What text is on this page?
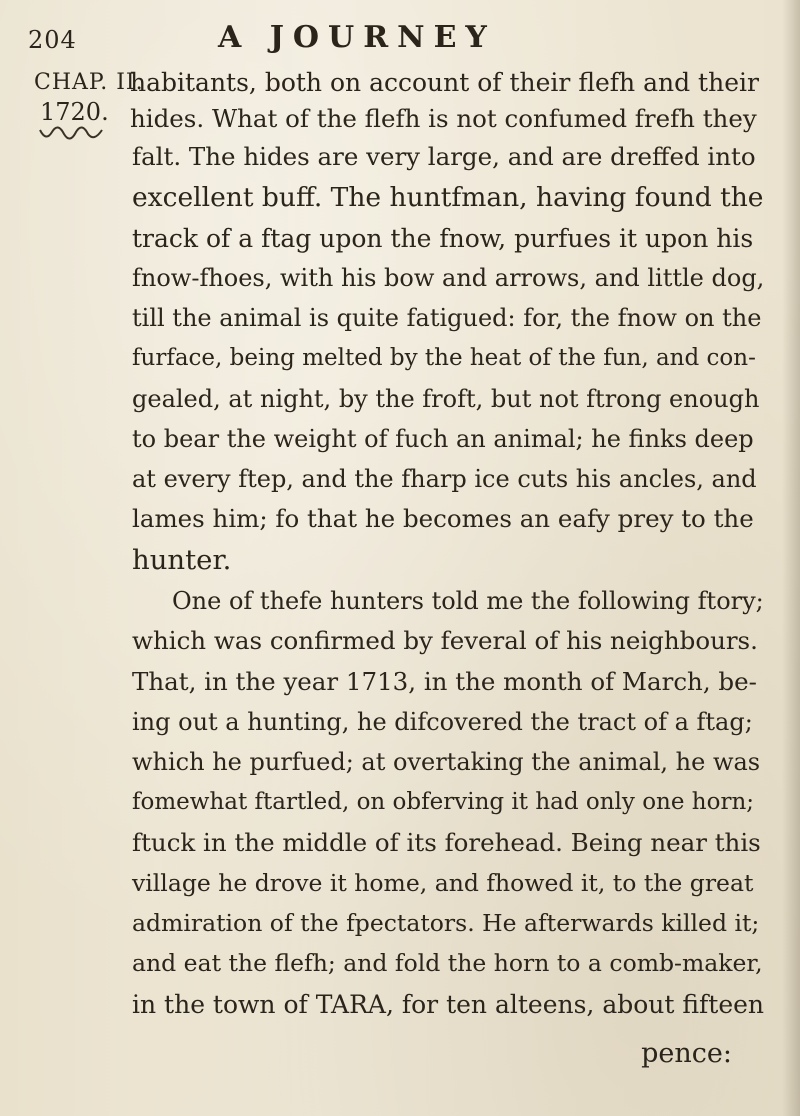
204	A JOURNEY
CHAP. II.
1720.
habitants, both on account of their flefh and their
hides. What of the flefh is not confumed frefh they
falt. The hides are very large, and are dreffed into
excellent buff. The huntfman, having found the
track of a ftag upon the fnow, purfues it upon his
fnow-fhoes, with his bow and arrows, and little dog,
till the animal is quite fatigued: for, the fnow on the
furface, being melted by the heat of the fun, and con-
gealed, at night, by the froft, but not ftrong enough
to bear the weight of fuch an animal; he finks deep
at every ftep, and the fharp ice cuts his ancles, and
lames him; fo that he becomes an eafy prey to the
hunter.
One of thefe hunters told me the following ftory;
which was confirmed by feveral of his neighbours.
That, in the year 1713, in the month of March, be-
ing out a hunting, he difcovered the tract of a ftag;
which he purfued; at overtaking the animal, he was
fomewhat ftartled, on obferving it had only one horn;
ftuck in the middle of its forehead. Being near this
village he drove it home, and fhowed it, to the great
admiration of the fpectators. He afterwards killed it;
and eat the flefh; and fold the horn to a comb-maker,
in the town of TARA, for ten alteens, about fifteen
pence:
